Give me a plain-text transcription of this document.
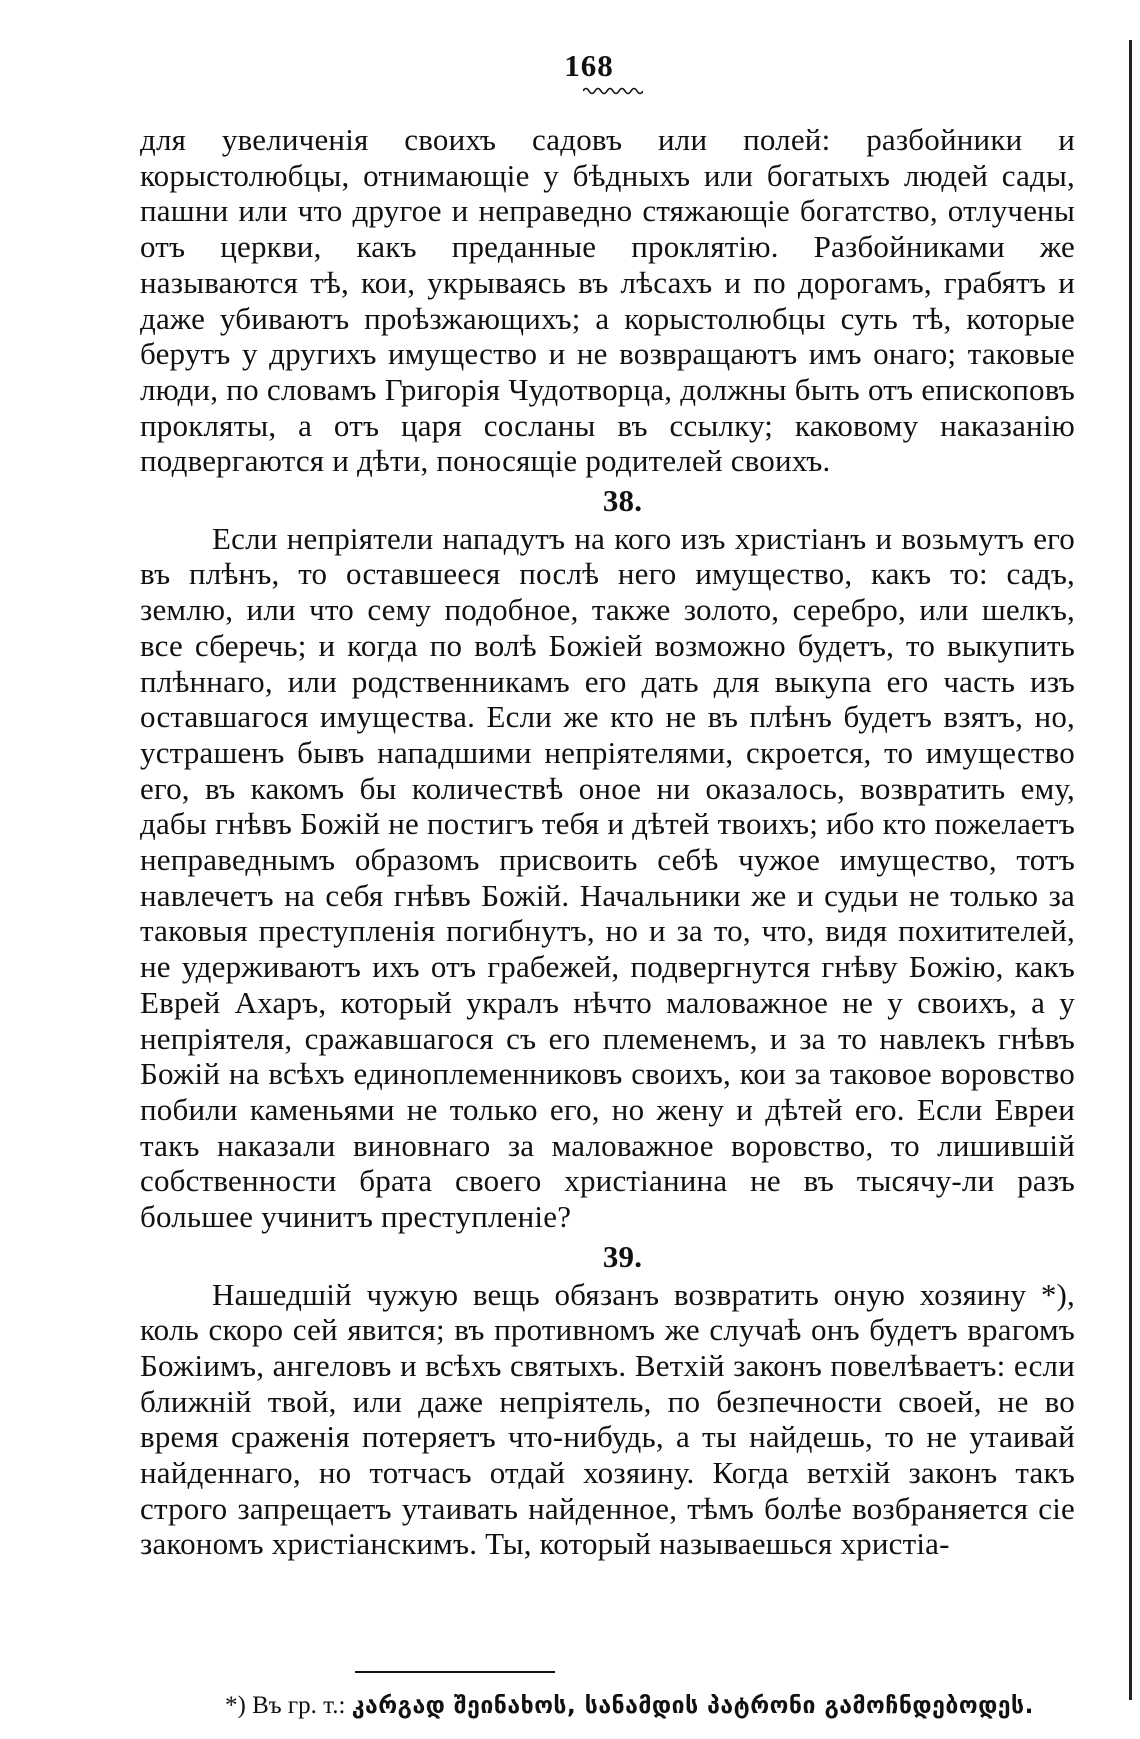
168

для увеличенія своихъ садовъ или полей: разбойники и корыстолюбцы, отнимающіе у бѣдныхъ или богатыхъ людей сады, пашни или что другое и неправедно стяжающіе богатство, отлучены отъ церкви, какъ преданные проклятію. Разбойниками же называются тѣ, кои, укрываясь въ лѣсахъ и по дорогамъ, грабятъ и даже убиваютъ проѣзжающихъ; а корыстолюбцы суть тѣ, которые берутъ у другихъ имущество и не возвращаютъ имъ онаго; таковые люди, по словамъ Григорія Чудотворца, должны быть отъ епископовъ прокляты, а отъ царя сосланы въ ссылку; каковому наказанію подвергаются и дѣти, поносящіе родителей своихъ.

38.

Если непріятели нападутъ на кого изъ христіанъ и возьмутъ его въ плѣнъ, то оставшееся послѣ него имущество, какъ то: садъ, землю, или что сему подобное, также золото, серебро, или шелкъ, все сберечь; и когда по волѣ Божіей возможно будетъ, то выкупить плѣннаго, или родственникамъ его дать для выкупа его часть изъ оставшагося имущества. Если же кто не въ плѣнъ будетъ взятъ, но, устрашенъ бывъ нападшими непріятелями, скроется, то имущество его, въ какомъ бы количествѣ оное ни оказалось, возвратить ему, дабы гнѣвъ Божій не постигъ тебя и дѣтей твоихъ; ибо кто пожелаетъ неправеднымъ образомъ присвоить себѣ чужое имущество, тотъ навлечетъ на себя гнѣвъ Божій. Начальники же и судьи не только за таковыя преступленія погибнутъ, но и за то, что, видя похитителей, не удерживаютъ ихъ отъ грабежей, подвергнутся гнѣву Божію, какъ Еврей Ахаръ, который укралъ нѣчто маловажное не у своихъ, а у непріятеля, сражавшагося съ его племенемъ, и за то навлекъ гнѣвъ Божій на всѣхъ единоплеменниковъ своихъ, кои за таковое воровство побили каменьями не только его, но жену и дѣтей его. Если Евреи такъ наказали виновнаго за маловажное воровство, то лишившій собственности брата своего христіанина не въ тысячу-ли разъ большее учинитъ преступленіе?

39.

Нашедшій чужую вещь обязанъ возвратить оную хозяину *), коль скоро сей явится; въ противномъ же случаѣ онъ будетъ врагомъ Божіимъ, ангеловъ и всѣхъ святыхъ. Ветхій законъ повелѣваетъ: если ближній твой, или даже непріятель, по безпечности своей, не во время сраженія потеряетъ что-нибудь, а ты найдешь, то не утаивай найденнаго, но тотчасъ отдай хозяину. Когда ветхій законъ такъ строго запрещаетъ утаивать найденное, тѣмъ болѣе возбраняется сіе закономъ христіанскимъ. Ты, который называешься христіа-

*) Въ гр. т.: კარგად შეინახოს, სანამდის პატრონი გამოჩნდებოდეს.
